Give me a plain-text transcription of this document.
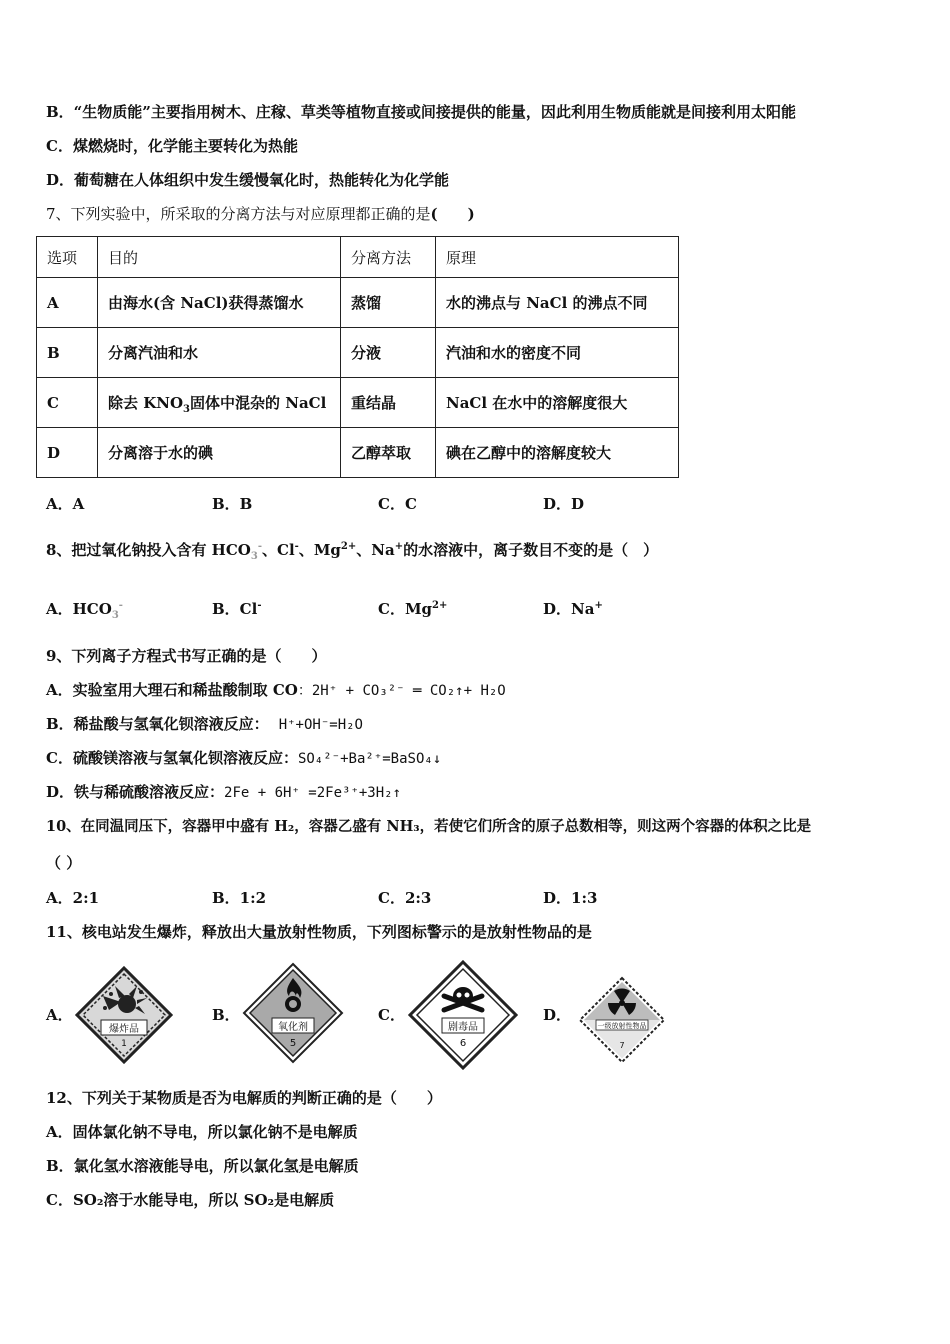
B．“生物质能”主要指用树木、庄稼、草类等植物直接或间接提供的能量，因此利用生物质能就是间接利用太阳能
C．煤燃烧时，化学能主要转化为热能
D．葡萄糖在人体组织中发生缓慢氧化时，热能转化为化学能
7、下列实验中，所采取的分离方法与对应原理都正确的是(　　)
选项	目的	分离方法	原理
A	由海水(含 NaCl)获得蒸馏水	蒸馏	水的沸点与 NaCl 的沸点不同
B	分离汽油和水	分液	汽油和水的密度不同
C	除去 $KNO_3$固体中混杂的 NaCl	重结晶	NaCl 在水中的溶解度很大
D	分离溶于水的碘	乙醇萃取	碘在乙醇中的溶解度较大
A．A	B．B	C．C	D．D
8、把过氧化钠投入含有 $HCO_3^-$、Cl-、$Mg^{2+}$、Na+的水溶液中，离子数目不变的是（　）
A．$HCO_3^-$	B．Cl-	C．$Mg^{2+}$	D．Na+
9、下列离子方程式书写正确的是（　　）
A．实验室用大理石和稀盐酸制取 CO：2H⁺ + CO₃²⁻ ═ CO₂↑+ H₂O
B．稀盐酸与氢氧化钡溶液反应： H⁺+OH⁻=H₂O
C．硫酸镁溶液与氢氧化钡溶液反应：SO₄²⁻+Ba²⁺=BaSO₄↓
D．铁与稀硫酸溶液反应：2Fe + 6H⁺ =2Fe³⁺+3H₂↑
10、在同温同压下，容器甲中盛有 H₂，容器乙盛有 NH₃，若使它们所含的原子总数相等，则这两个容器的体积之比是
（ ）
A．2:1	B．1:2	C．2:3	D．1:3
11、核电站发生爆炸，释放出大量放射性物质，下列图标警示的是放射性物品的是
A．	B．	C．	D．
爆炸品
1
氧化剂
5
剧毒品
6
一级放射性物品
7
12、下列关于某物质是否为电解质的判断正确的是（　　）
A．固体氯化钠不导电，所以氯化钠不是电解质
B．氯化氢水溶液能导电，所以氯化氢是电解质
C．SO₂溶于水能导电，所以 SO₂是电解质
